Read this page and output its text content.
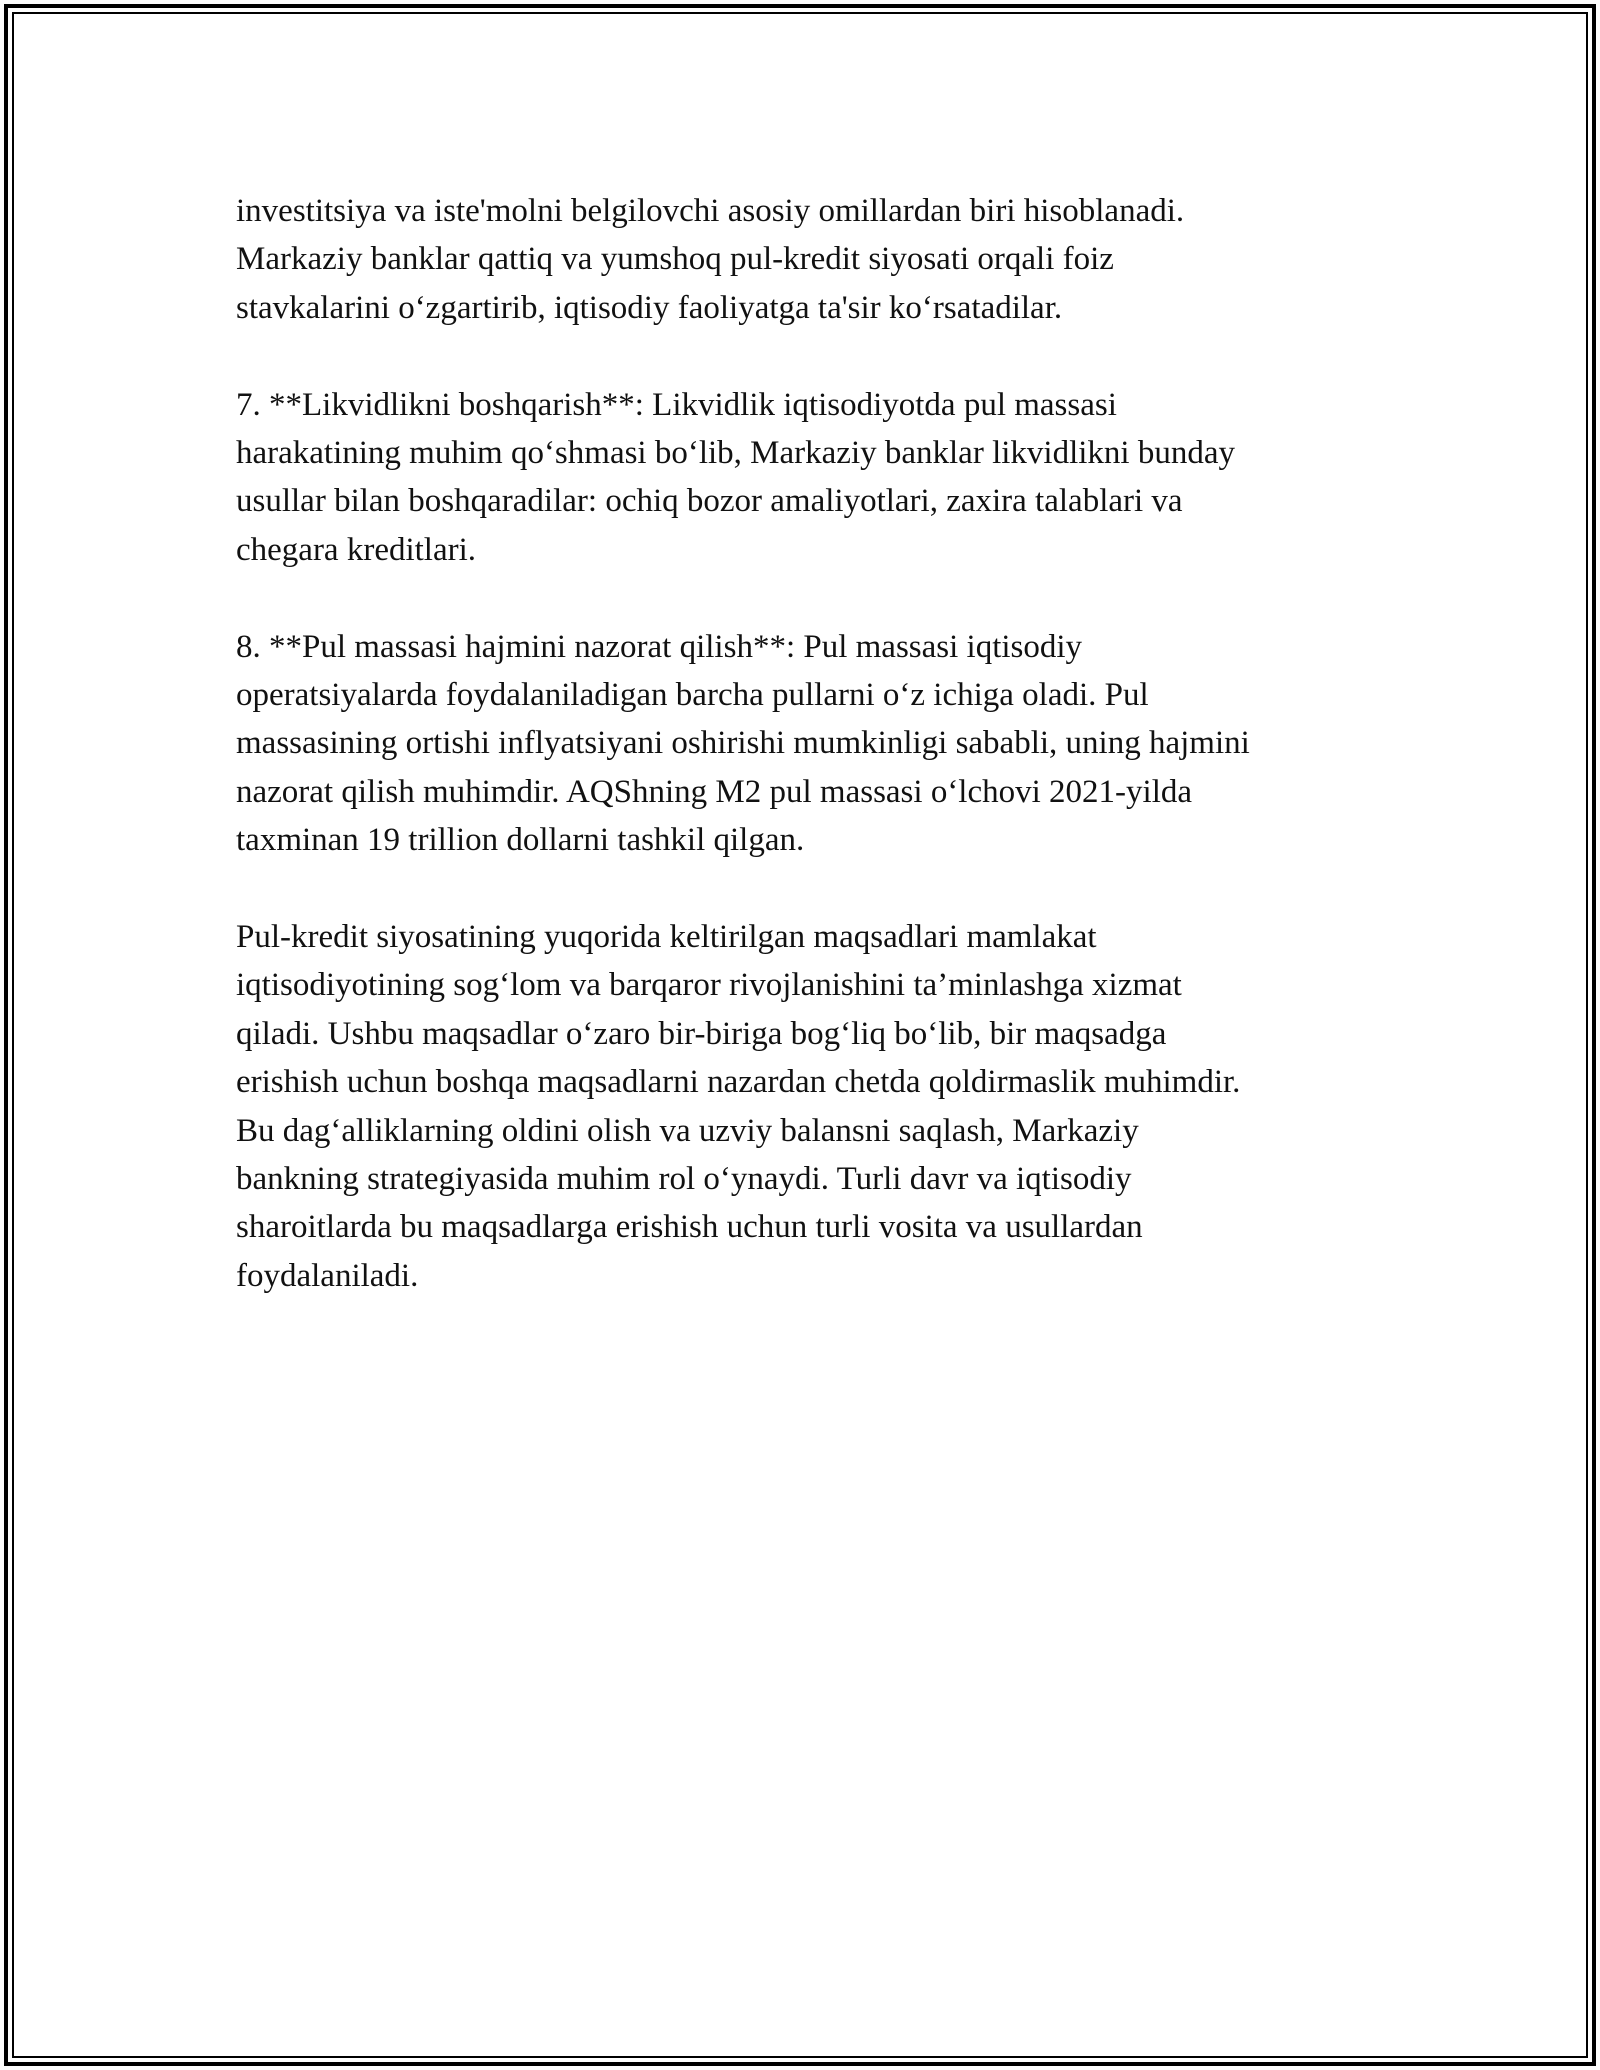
investitsiya va iste'molni belgilovchi asosiy omillardan biri hisoblanadi.
Markaziy banklar qattiq va yumshoq pul-kredit siyosati orqali foiz
stavkalarini o‘zgartirib, iqtisodiy faoliyatga ta'sir ko‘rsatadilar.

7. **Likvidlikni boshqarish**: Likvidlik iqtisodiyotda pul massasi
harakatining muhim qo‘shmasi bo‘lib, Markaziy banklar likvidlikni bunday
usullar bilan boshqaradilar: ochiq bozor amaliyotlari, zaxira talablari va
chegara kreditlari.

8. **Pul massasi hajmini nazorat qilish**: Pul massasi iqtisodiy
operatsiyalarda foydalaniladigan barcha pullarni o‘z ichiga oladi. Pul
massasining ortishi inflyatsiyani oshirishi mumkinligi sababli, uning hajmini
nazorat qilish muhimdir. AQShning M2 pul massasi o‘lchovi 2021-yilda
taxminan 19 trillion dollarni tashkil qilgan.

Pul-kredit siyosatining yuqorida keltirilgan maqsadlari mamlakat
iqtisodiyotining sog‘lom va barqaror rivojlanishini ta’minlashga xizmat
qiladi. Ushbu maqsadlar o‘zaro bir-biriga bog‘liq bo‘lib, bir maqsadga
erishish uchun boshqa maqsadlarni nazardan chetda qoldirmaslik muhimdir.
Bu dag‘alliklarning oldini olish va uzviy balansni saqlash, Markaziy
bankning strategiyasida muhim rol o‘ynaydi. Turli davr va iqtisodiy
sharoitlarda bu maqsadlarga erishish uchun turli vosita va usullardan
foydalaniladi.
